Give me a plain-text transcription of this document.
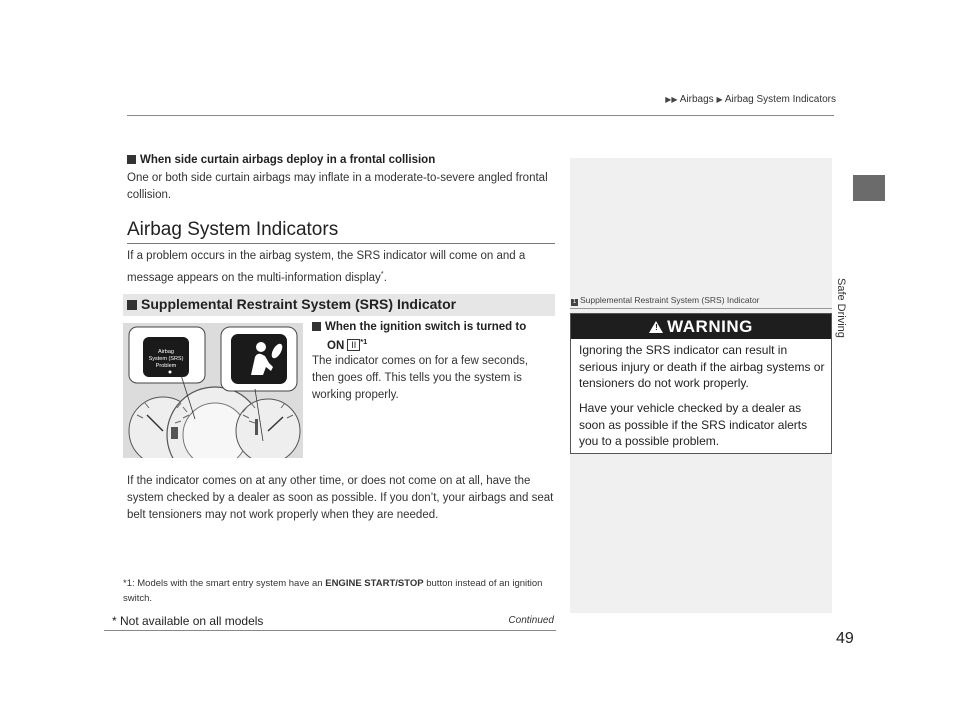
▶▶ Airbags ▶ Airbag System Indicators
Safe Driving
When side curtain airbags deploy in a frontal collision
One or both side curtain airbags may inflate in a moderate-to-severe angled frontal collision.
Airbag System Indicators
If a problem occurs in the airbag system, the SRS indicator will come on and a message appears on the multi-information display*.
Supplemental Restraint System (SRS) Indicator
Airbag
System (SRS)
Problem
When the ignition switch is turned to
ON II $^{*1}$
The indicator comes on for a few seconds, then goes off. This tells you the system is working properly.
If the indicator comes on at any other time, or does not come on at all, have the system checked by a dealer as soon as possible. If you don’t, your airbags and seat belt tensioners may not work properly when they are needed.
*1: Models with the smart entry system have an ENGINE START/STOP button instead of an ignition switch.
1 Supplemental Restraint System (SRS) Indicator
! WARNING
Ignoring the SRS indicator can result in serious injury or death if the airbag systems or tensioners do not work properly.
Have your vehicle checked by a dealer as soon as possible if the SRS indicator alerts you to a possible problem.
Continued
49
* Not available on all models
